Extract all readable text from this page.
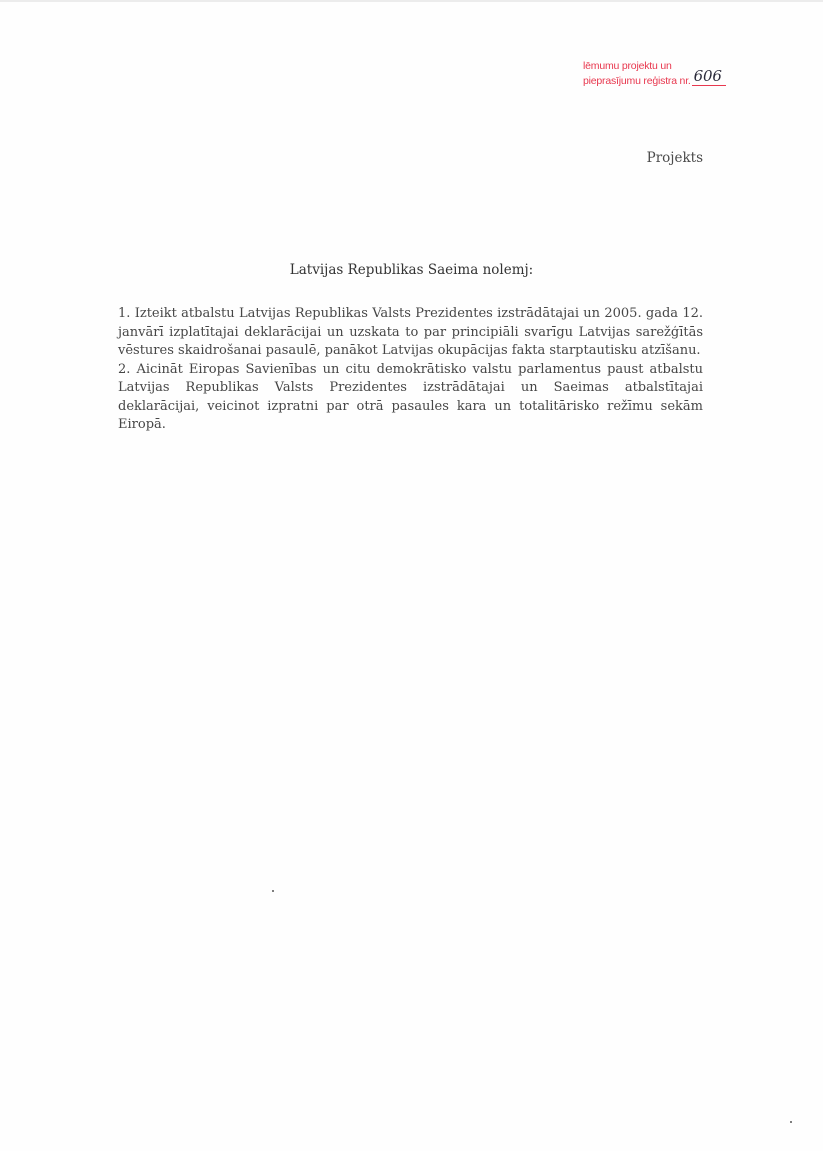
lēmumu projektu un
pieprasījumu reģistra nr. 606
Projekts
Latvijas Republikas Saeima nolemj:

1. Izteikt atbalstu Latvijas Republikas Valsts Prezidentes izstrādātajai un 2005. gada 12. janvārī izplatītajai deklarācijai un uzskata to par principiāli svarīgu Latvijas sarežģītās vēstures skaidrošanai pasaulē, panākot Latvijas okupācijas fakta starptautisku atzīšanu.

2. Aicināt Eiropas Savienības un citu demokrātisko valstu parlamentus paust atbalstu Latvijas Republikas Valsts Prezidentes izstrādātajai un Saeimas atbalstītajai deklarācijai, veicinot izpratni par otrā pasaules kara un totalitārisko režīmu sekām Eiropā.
